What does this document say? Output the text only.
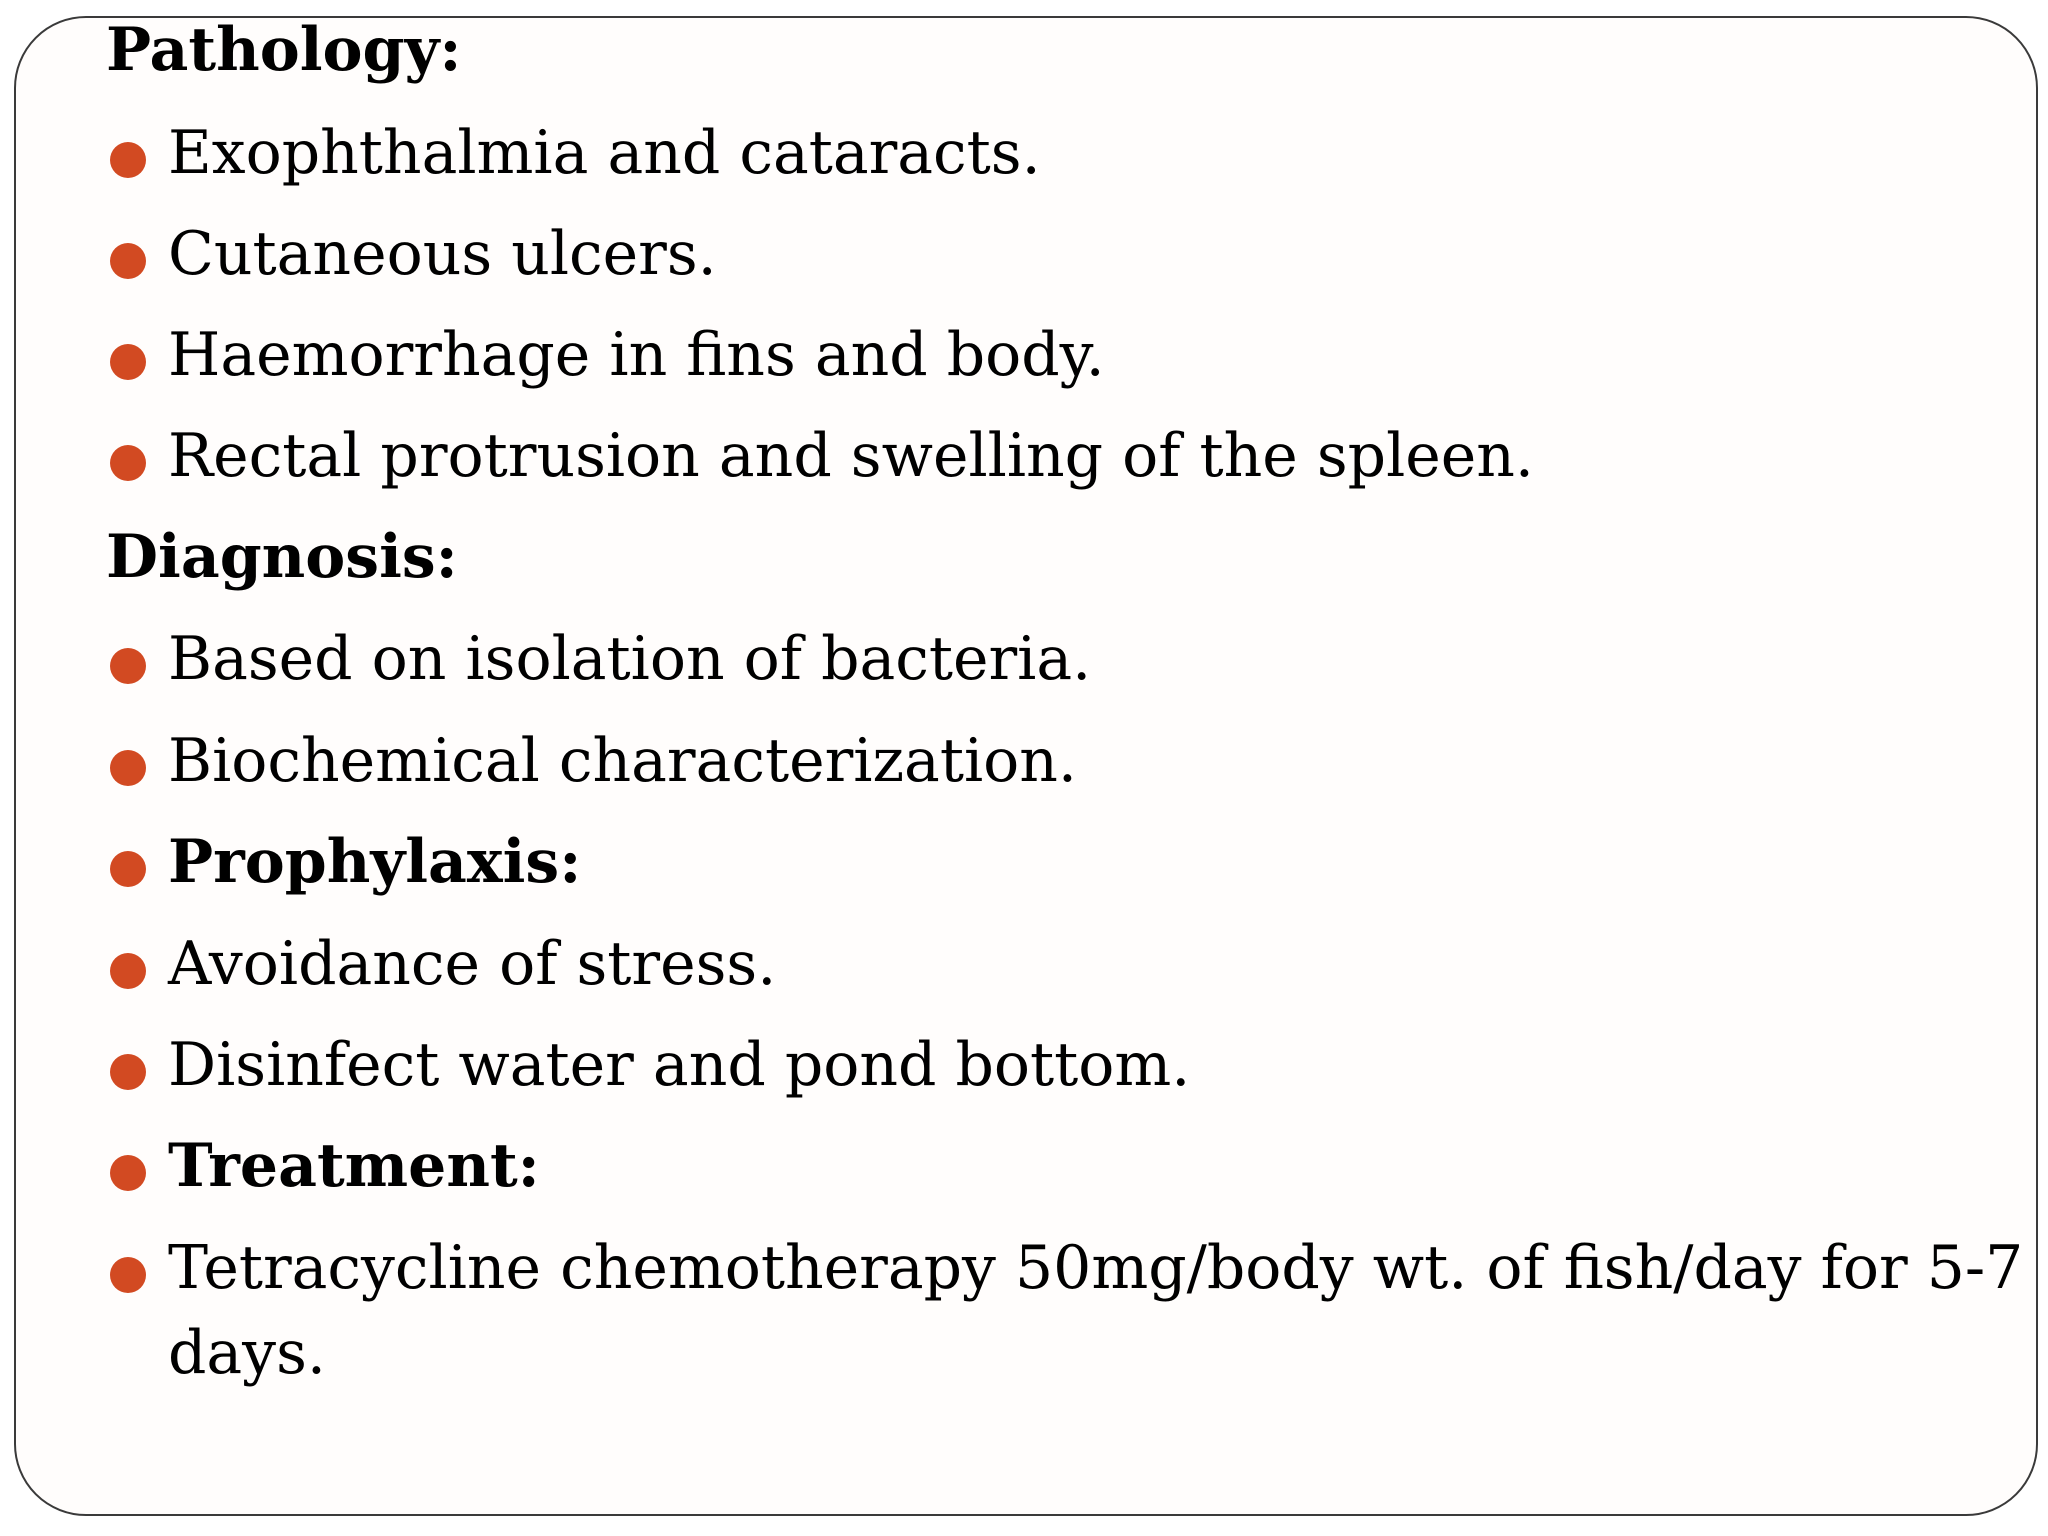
Pathology:
Exophthalmia and cataracts.
Cutaneous ulcers.
Haemorrhage in fins and body.
Rectal protrusion and swelling of the spleen.
Diagnosis:
Based on isolation of bacteria.
Biochemical characterization.
Prophylaxis:
Avoidance of stress.
Disinfect water and pond bottom.
Treatment:
Tetracycline chemotherapy 50mg/body wt. of fish/day for 5-7
days.
